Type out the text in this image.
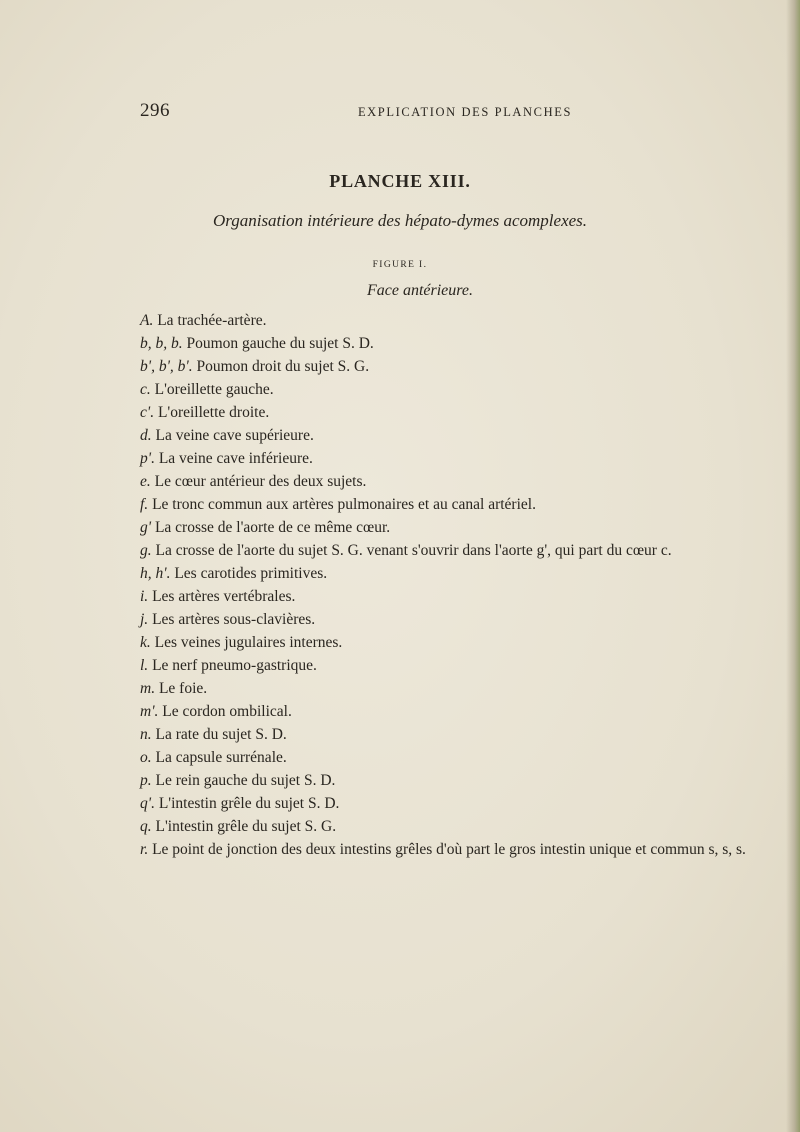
296	EXPLICATION DES PLANCHES
PLANCHE XIII.
Organisation intérieure des hépato-dymes acomplexes.
FIGURE I.
Face antérieure.
A. La trachée-artère.
b, b, b. Poumon gauche du sujet S. D.
b', b', b'. Poumon droit du sujet S. G.
c. L'oreillette gauche.
c'. L'oreillette droite.
d. La veine cave supérieure.
p'. La veine cave inférieure.
e. Le cœur antérieur des deux sujets.
f. Le tronc commun aux artères pulmonaires et au canal artériel.
g' La crosse de l'aorte de ce même cœur.
g. La crosse de l'aorte du sujet S. G. venant s'ouvrir dans l'aorte g', qui part du cœur c.
h, h'. Les carotides primitives.
i. Les artères vertébrales.
j. Les artères sous-clavières.
k. Les veines jugulaires internes.
l. Le nerf pneumo-gastrique.
m. Le foie.
m'. Le cordon ombilical.
n. La rate du sujet S. D.
o. La capsule surrénale.
p. Le rein gauche du sujet S. D.
q'. L'intestin grêle du sujet S. D.
q. L'intestin grêle du sujet S. G.
r. Le point de jonction des deux intestins grêles d'où part le gros intestin unique et commun s, s, s.
